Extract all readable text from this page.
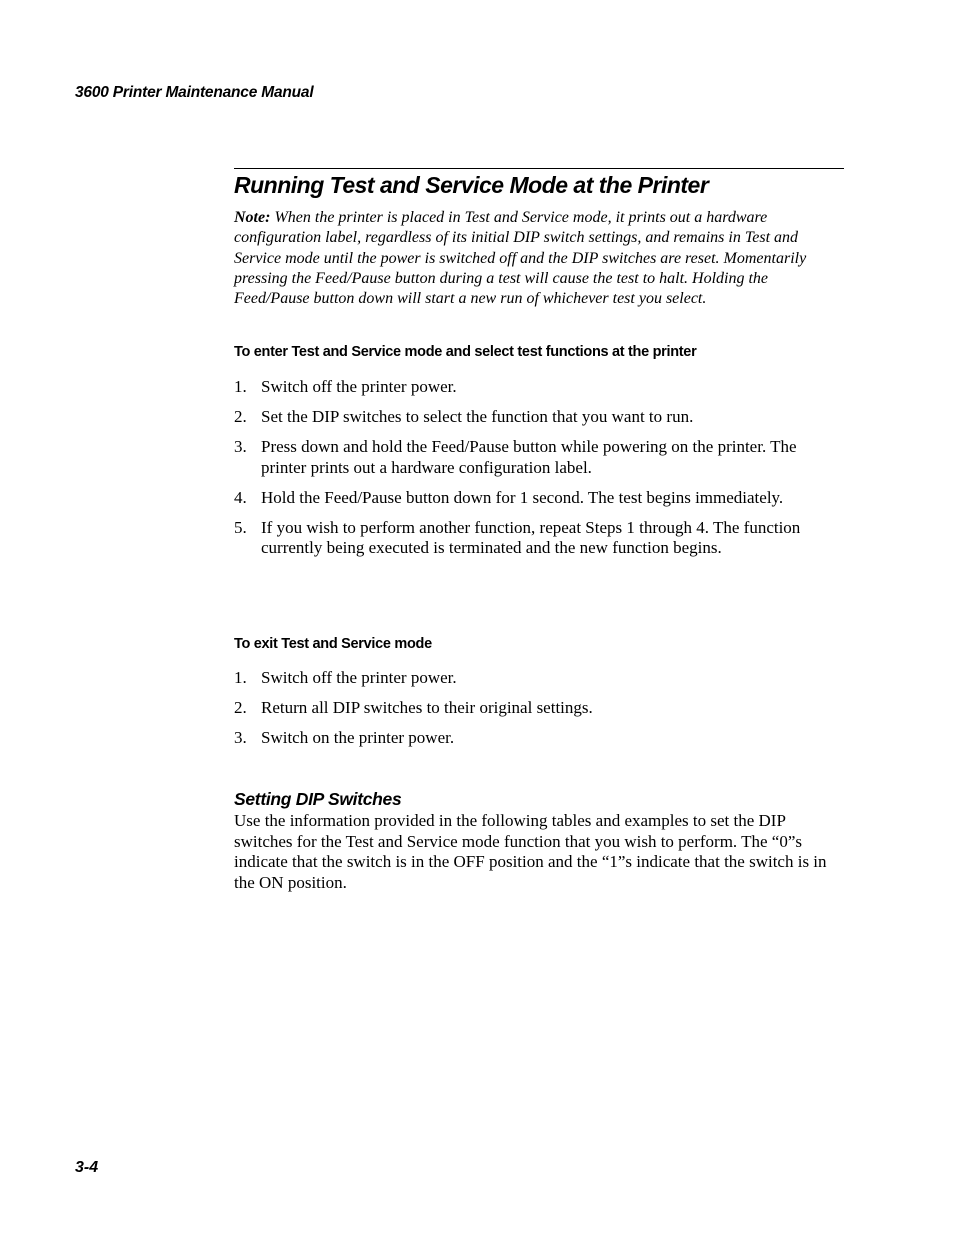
3600 Printer Maintenance Manual
Running Test and Service Mode at the Printer

Note: When the printer is placed in Test and Service mode, it prints out a hardware configuration label, regardless of its initial DIP switch settings, and remains in Test and Service mode until the power is switched off and the DIP switches are reset. Momentarily pressing the Feed/Pause button during a test will cause the test to halt. Holding the Feed/Pause button down will start a new run of whichever test you select.

To enter Test and Service mode and select test functions at the printer
1. Switch off the printer power.
2. Set the DIP switches to select the function that you want to run.
3. Press down and hold the Feed/Pause button while powering on the printer. The printer prints out a hardware configuration label.
4. Hold the Feed/Pause button down for 1 second. The test begins immediately.
5. If you wish to perform another function, repeat Steps 1 through 4. The function currently being executed is terminated and the new function begins.
To exit Test and Service mode
1. Switch off the printer power.
2. Return all DIP switches to their original settings.
3. Switch on the printer power.
Setting DIP Switches

Use the information provided in the following tables and examples to set the DIP switches for the Test and Service mode function that you wish to perform. The “0”s indicate that the switch is in the OFF position and the “1”s indicate that the switch is in the ON position.

3-4
